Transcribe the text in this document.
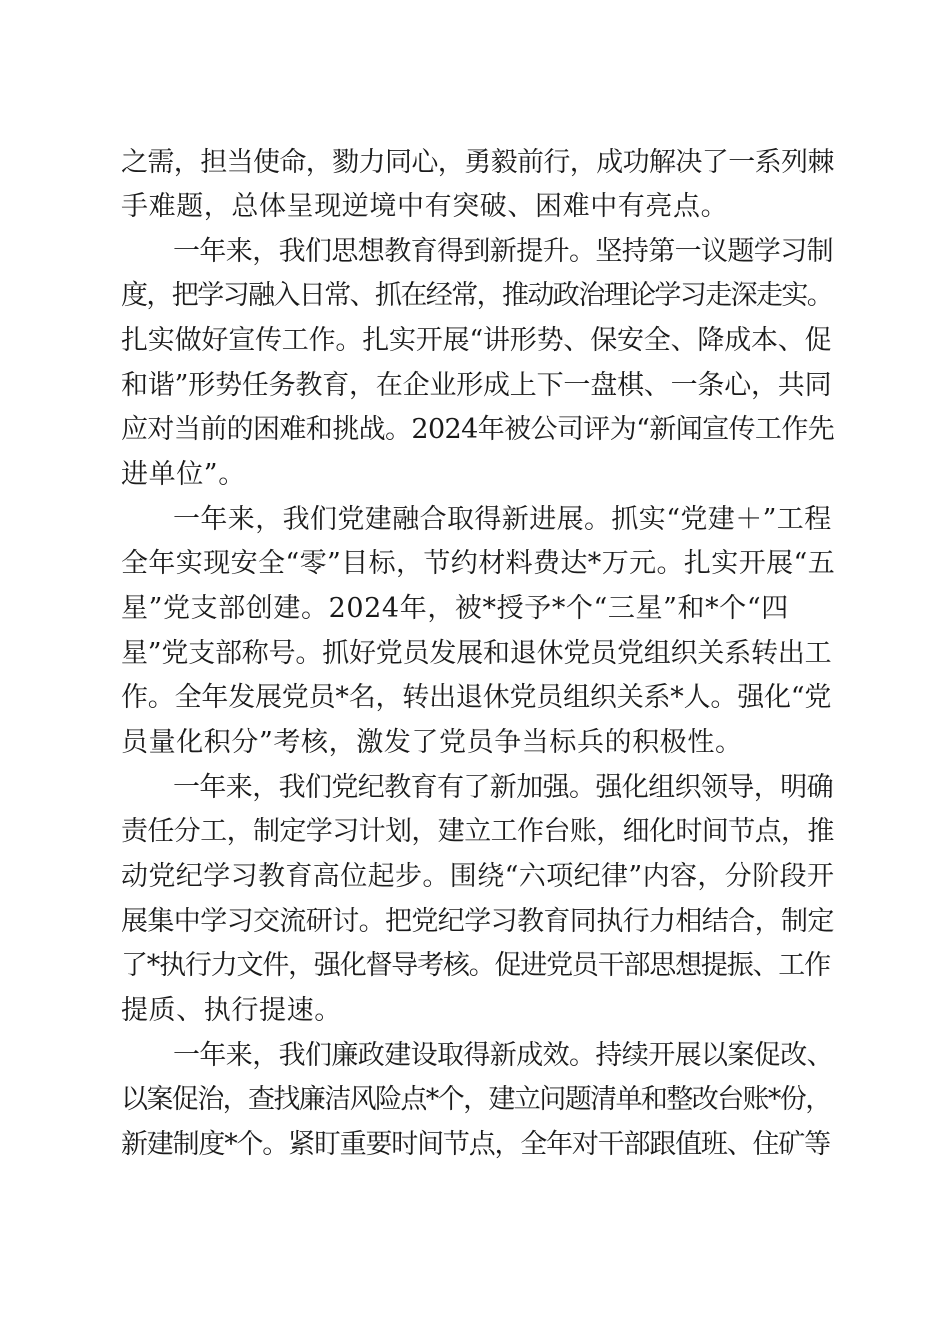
之需，担当使命，勠力同心，勇毅前行，成功解决了一系列棘

手难题，总体呈现逆境中有突破、困难中有亮点。

一年来，我们思想教育得到新提升。坚持第一议题学习制

度，把学习融入日常、抓在经常，推动政治理论学习走深走实。

扎实做好宣传工作。扎实开展“讲形势、保安全、降成本、促

和谐”形势任务教育，在企业形成上下一盘棋、一条心，共同

应对当前的困难和挑战。2024年被公司评为“新闻宣传工作先

进单位”。

一年来，我们党建融合取得新进展。抓实“党建＋”工程

全年实现安全“零”目标，节约材料费达*万元。扎实开展“五

星”党支部创建。2024年，被*授予*个“三星”和*个“四

星”党支部称号。抓好党员发展和退休党员党组织关系转出工

作。全年发展党员*名，转出退休党员组织关系*人。强化“党

员量化积分”考核，激发了党员争当标兵的积极性。

一年来，我们党纪教育有了新加强。强化组织领导，明确

责任分工，制定学习计划，建立工作台账，细化时间节点，推

动党纪学习教育高位起步。围绕“六项纪律”内容，分阶段开

展集中学习交流研讨。把党纪学习教育同执行力相结合，制定

了*执行力文件，强化督导考核。促进党员干部思想提振、工作

提质、执行提速。

一年来，我们廉政建设取得新成效。持续开展以案促改、

以案促治，查找廉洁风险点*个，建立问题清单和整改台账*份，

新建制度*个。紧盯重要时间节点，全年对干部跟值班、住矿等
